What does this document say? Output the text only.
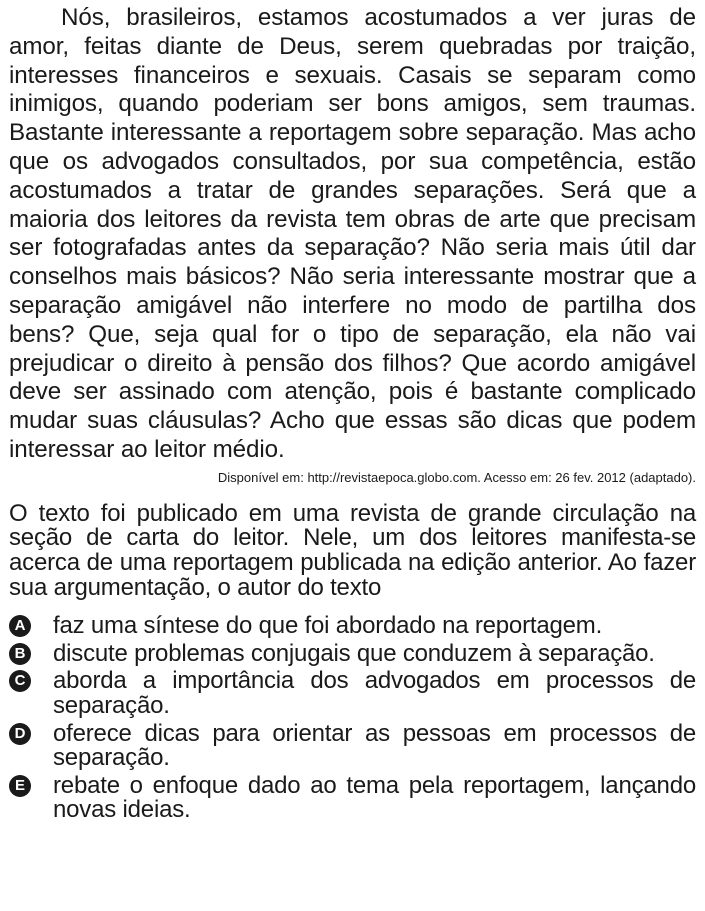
Nós, brasileiros, estamos acostumados a ver juras de amor, feitas diante de Deus, serem quebradas por traição, interesses financeiros e sexuais. Casais se separam como inimigos, quando poderiam ser bons amigos, sem traumas. Bastante interessante a reportagem sobre separação. Mas acho que os advogados consultados, por sua competência, estão acostumados a tratar de grandes separações. Será que a maioria dos leitores da revista tem obras de arte que precisam ser fotografadas antes da separação? Não seria mais útil dar conselhos mais básicos? Não seria interessante mostrar que a separação amigável não interfere no modo de partilha dos bens? Que, seja qual for o tipo de separação, ela não vai prejudicar o direito à pensão dos filhos? Que acordo amigável deve ser assinado com atenção, pois é bastante complicado mudar suas cláusulas? Acho que essas são dicas que podem interessar ao leitor médio.

Disponível em: http://revistaepoca.globo.com. Acesso em: 26 fev. 2012 (adaptado).

O texto foi publicado em uma revista de grande circulação na seção de carta do leitor. Nele, um dos leitores manifesta-se acerca de uma reportagem publicada na edição anterior. Ao fazer sua argumentação, o autor do texto

A faz uma síntese do que foi abordado na reportagem.
B discute problemas conjugais que conduzem à separação.
C aborda a importância dos advogados em processos de separação.
D oferece dicas para orientar as pessoas em processos de separação.
E rebate o enfoque dado ao tema pela reportagem, lançando novas ideias.
